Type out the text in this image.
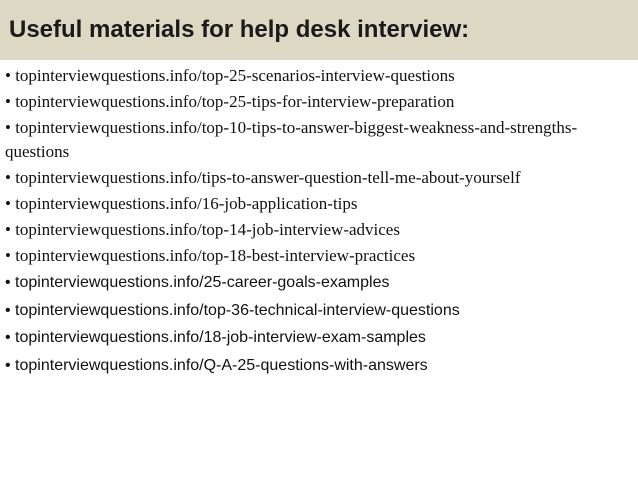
Useful materials for help desk interview:
• topinterviewquestions.info/top-25-scenarios-interview-questions
• topinterviewquestions.info/top-25-tips-for-interview-preparation
• topinterviewquestions.info/top-10-tips-to-answer-biggest-weakness-and-strengths-questions
• topinterviewquestions.info/tips-to-answer-question-tell-me-about-yourself
• topinterviewquestions.info/16-job-application-tips
• topinterviewquestions.info/top-14-job-interview-advices
• topinterviewquestions.info/top-18-best-interview-practices
• topinterviewquestions.info/25-career-goals-examples
• topinterviewquestions.info/top-36-technical-interview-questions
• topinterviewquestions.info/18-job-interview-exam-samples
• topinterviewquestions.info/Q-A-25-questions-with-answers
